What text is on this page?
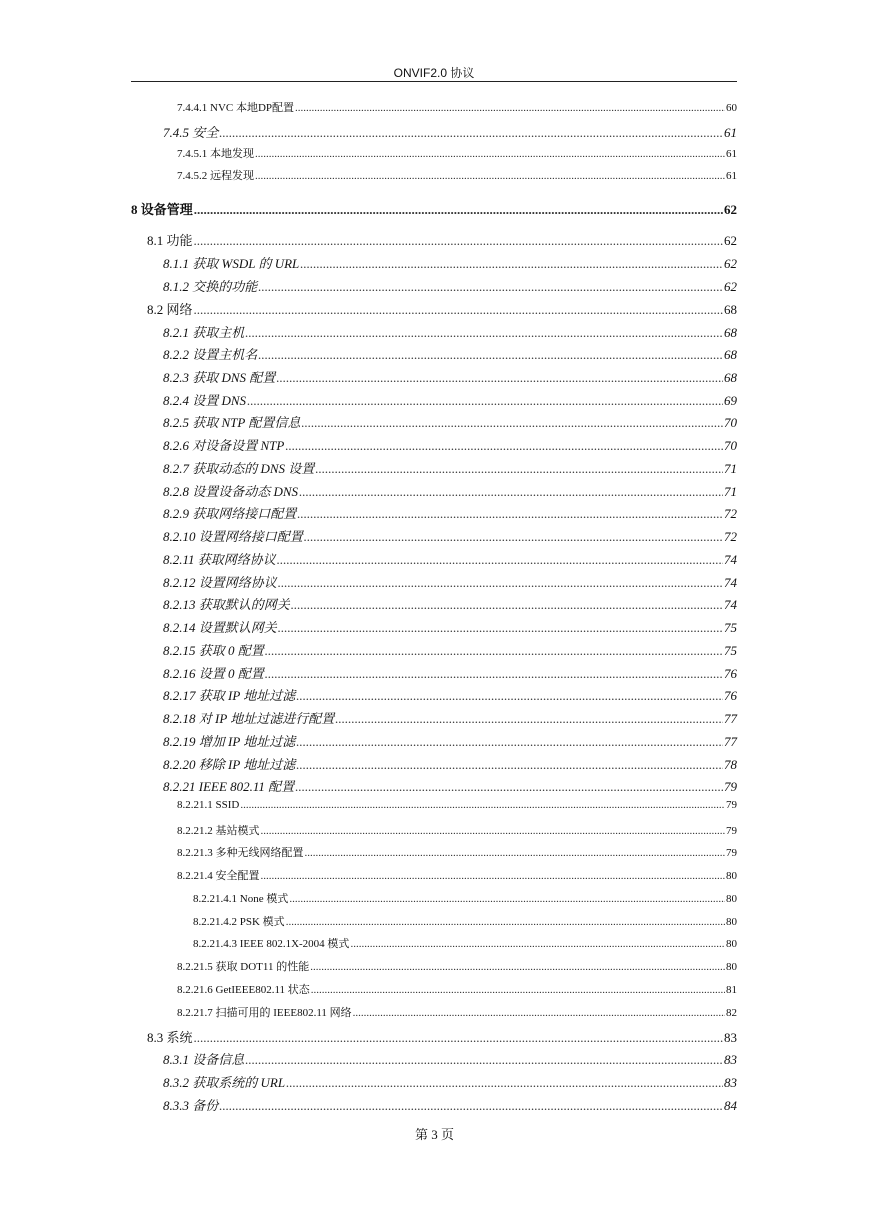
ONVIF2.0 协议
7.4.4.1 NVC 本地DP配置 .....	60
7.4.5 安全 .....	61
7.4.5.1 本地发现 .....	61
7.4.5.2 远程发现 .....	61
8 设备管理 .....	62
8.1 功能 .....	62
8.1.1 获取 WSDL 的 URL .....	62
8.1.2 交换的功能 .....	62
8.2 网络 .....	68
8.2.1 获取主机 .....	68
8.2.2 设置主机名 .....	68
8.2.3 获取 DNS 配置 .....	68
8.2.4 设置 DNS .....	69
8.2.5 获取 NTP 配置信息 .....	70
8.2.6 对设备设置 NTP .....	70
8.2.7 获取动态的 DNS 设置 .....	71
8.2.8 设置设备动态 DNS .....	71
8.2.9 获取网络接口配置 .....	72
8.2.10 设置网络接口配置 .....	72
8.2.11 获取网络协议 .....	74
8.2.12 设置网络协议 .....	74
8.2.13 获取默认的网关 .....	74
8.2.14 设置默认网关 .....	75
8.2.15 获取 0 配置 .....	75
8.2.16 设置 0 配置 .....	76
8.2.17 获取 IP 地址过滤 .....	76
8.2.18 对 IP 地址过滤进行配置 .....	77
8.2.19 增加 IP 地址过滤 .....	77
8.2.20 移除 IP 地址过滤 .....	78
8.2.21 IEEE 802.11 配置 .....	79
8.2.21.1 SSID .....	79
8.2.21.2 基站模式 .....	79
8.2.21.3 多种无线网络配置 .....	79
8.2.21.4 安全配置 .....	80
8.2.21.4.1 None 模式 .....	80
8.2.21.4.2 PSK 模式 .....	80
8.2.21.4.3 IEEE 802.1X-2004 模式 .....	80
8.2.21.5 获取 DOT11 的性能 .....	80
8.2.21.6 GetIEEE802.11 状态 .....	81
8.2.21.7 扫描可用的 IEEE802.11 网络 .....	82
8.3 系统 .....	83
8.3.1 设备信息 .....	83
8.3.2 获取系统的 URL .....	83
8.3.3 备份 .....	84
第 3 页
